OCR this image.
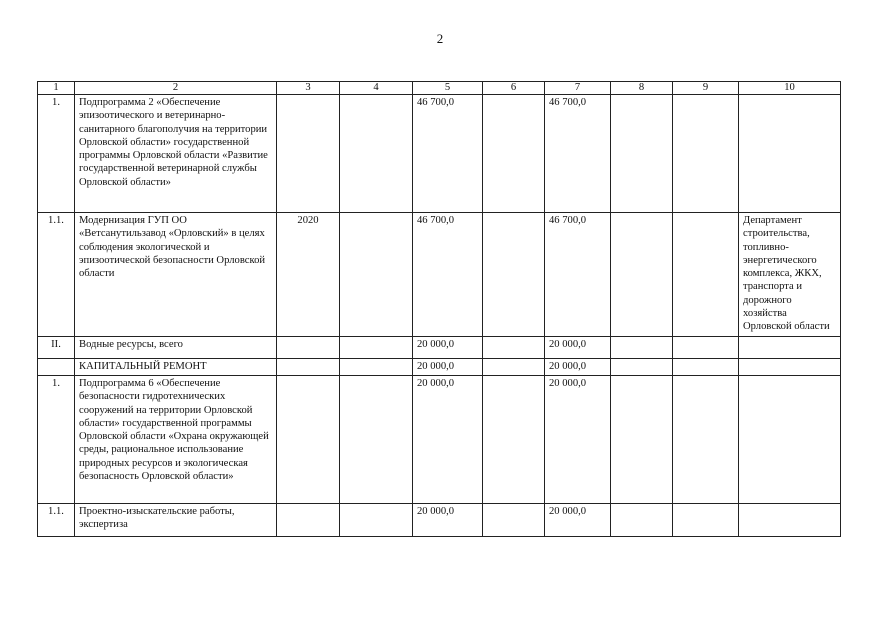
2
1	2	3	4	5	6	7	8	9	10
1.	Подпрограмма 2 «Обеспечение эпизоотического и ветеринарно-санитарного благополучия на территории Орловской области» государственной программы Орловской области «Развитие государственной ветеринарной службы Орловской области»			46 700,0		46 700,0			
1.1.	Модернизация ГУП ОО «Ветсанутильзавод «Орловский» в целях соблюдения экологической и эпизоотической безопасности Орловской области	2020		46 700,0		46 700,0			Департамент строительства, топливно-энергетического комплекса, ЖКХ, транспорта и дорожного хозяйства Орловской области
II.	Водные ресурсы, всего			20 000,0		20 000,0			
	КАПИТАЛЬНЫЙ РЕМОНТ			20 000,0		20 000,0			
1.	Подпрограмма 6 «Обеспечение безопасности гидротехнических сооружений на территории Орловской области» государственной программы Орловской области «Охрана окружающей среды, рациональное использование природных ресурсов и экологическая безопасность Орловской области»			20 000,0		20 000,0			
1.1.	Проектно-изыскательские работы, экспертиза			20 000,0		20 000,0			
